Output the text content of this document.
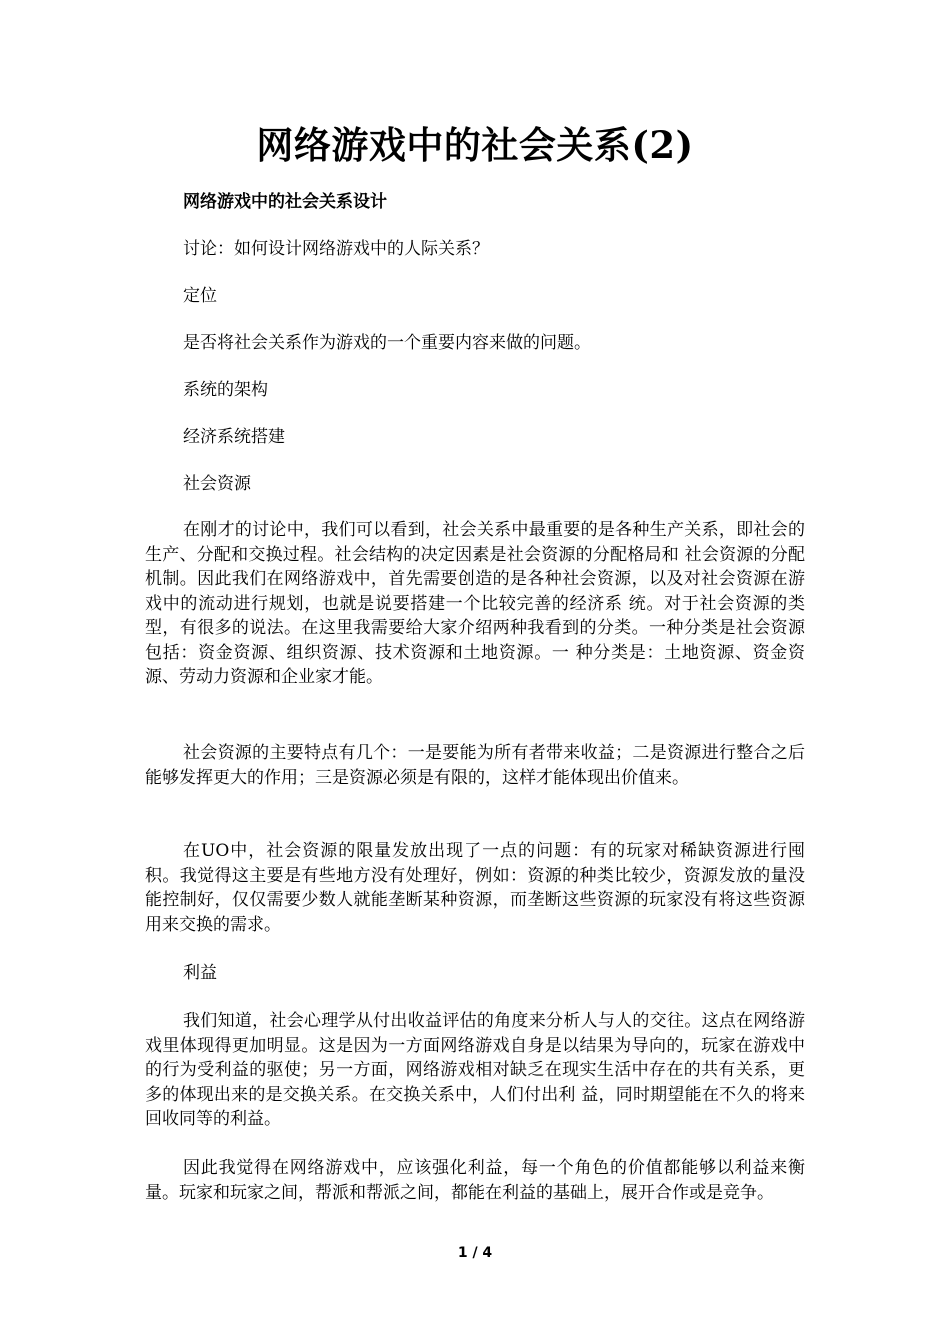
网络游戏中的社会关系(2)
网络游戏中的社会关系设计
讨论：如何设计网络游戏中的人际关系？
定位
是否将社会关系作为游戏的一个重要内容来做的问题。
系统的架构
经济系统搭建
社会资源
在刚才的讨论中，我们可以看到，社会关系中最重要的是各种生产关系，即社会的生产、分配和交换过程。社会结构的决定因素是社会资源的分配格局和 社会资源的分配机制。因此我们在网络游戏中，首先需要创造的是各种社会资源，以及对社会资源在游戏中的流动进行规划，也就是说要搭建一个比较完善的经济系 统。对于社会资源的类型，有很多的说法。在这里我需要给大家介绍两种我看到的分类。一种分类是社会资源包括：资金资源、组织资源、技术资源和土地资源。一 种分类是：土地资源、资金资源、劳动力资源和企业家才能。
社会资源的主要特点有几个：一是要能为所有者带来收益；二是资源进行整合之后能够发挥更大的作用；三是资源必须是有限的，这样才能体现出价值来。
在UO中，社会资源的限量发放出现了一点的问题：有的玩家对稀缺资源进行囤积。我觉得这主要是有些地方没有处理好，例如：资源的种类比较少，资源发放的量没能控制好，仅仅需要少数人就能垄断某种资源，而垄断这些资源的玩家没有将这些资源用来交换的需求。
利益
我们知道，社会心理学从付出收益评估的角度来分析人与人的交往。这点在网络游戏里体现得更加明显。这是因为一方面网络游戏自身是以结果为导向的，玩家在游戏中的行为受利益的驱使；另一方面，网络游戏相对缺乏在现实生活中存在的共有关系，更多的体现出来的是交换关系。在交换关系中，人们付出利 益，同时期望能在不久的将来回收同等的利益。
因此我觉得在网络游戏中，应该强化利益，每一个角色的价值都能够以利益来衡量。玩家和玩家之间，帮派和帮派之间，都能在利益的基础上，展开合作或是竞争。
1 / 4
